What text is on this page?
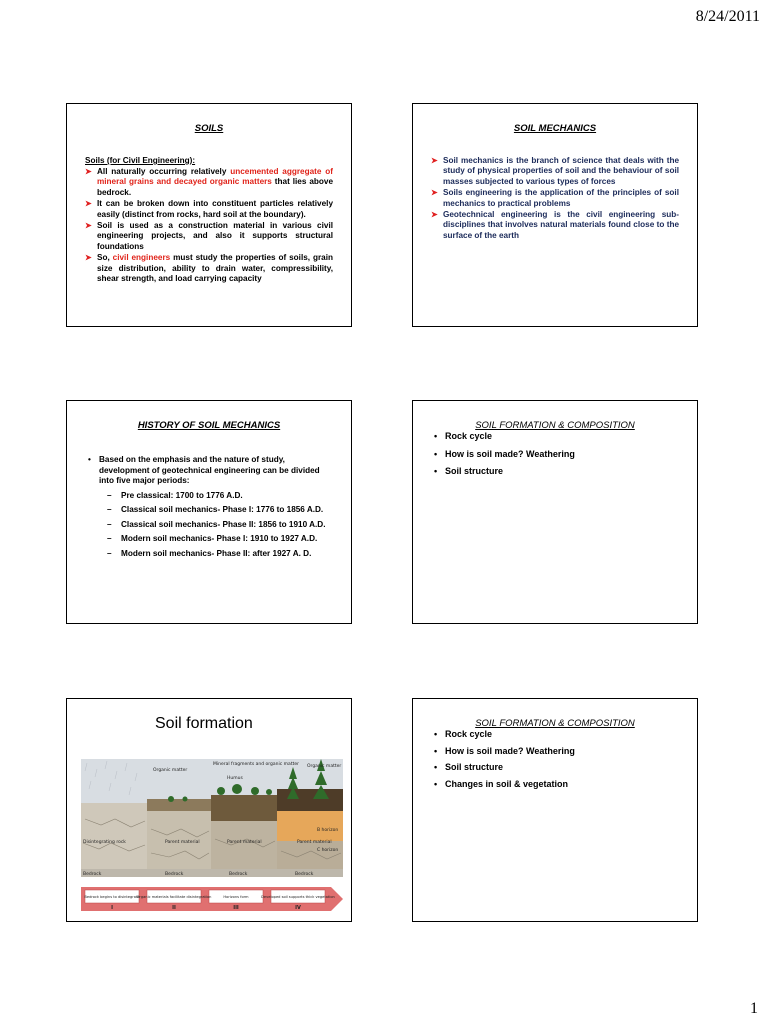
8/24/2011
SOILS
Soils (for Civil Engineering):
➤ All naturally occurring relatively uncemented aggregate of mineral grains and decayed organic matters that lies above bedrock.
➤ It can be broken down into constituent particles relatively easily (distinct from rocks, hard soil at the boundary).
➤ Soil is used as a construction material in various civil engineering projects, and also it supports structural foundations
➤ So, civil engineers must study the properties of soils, grain size distribution, ability to drain water, compressibility, shear strength, and load carrying capacity
SOIL MECHANICS
➤ Soil mechanics is the branch of science that deals with the study of physical properties of soil and the behaviour of soil masses subjected to various types of forces
➤ Soils engineering is the application of the principles of soil mechanics to practical problems
➤ Geotechnical engineering is the civil engineering sub-disciplines that involves natural materials found close to the surface of the earth
HISTORY OF SOIL MECHANICS
• Based on the emphasis and the nature of study, development of geotechnical engineering can be divided into five major periods:
– Pre classical: 1700 to 1776 A.D.
– Classical soil mechanics- Phase I: 1776 to 1856 A.D.
– Classical soil mechanics- Phase II: 1856 to 1910 A.D.
– Modern soil mechanics- Phase I: 1910 to 1927 A.D.
– Modern soil mechanics- Phase II: after 1927 A. D.
SOIL FORMATION & COMPOSITION
• Rock cycle
• How is soil made? Weathering
• Soil structure
Soil formation
Organic matter
Mineral fragments and organic matter
Humus
Organic matter
Disintegrating rock	Parent material	Parent material	Parent material
B horizon
C horizon
Bedrock	Bedrock	Bedrock	Bedrock
Bedrock begins to disintegrate
Organic materials facilitate disintegration	Horizons form	Developed soil supports thick vegetation
I	II	III	IV
SOIL FORMATION & COMPOSITION
• Rock cycle
• How is soil made? Weathering
• Soil structure
• Changes in soil & vegetation
1
